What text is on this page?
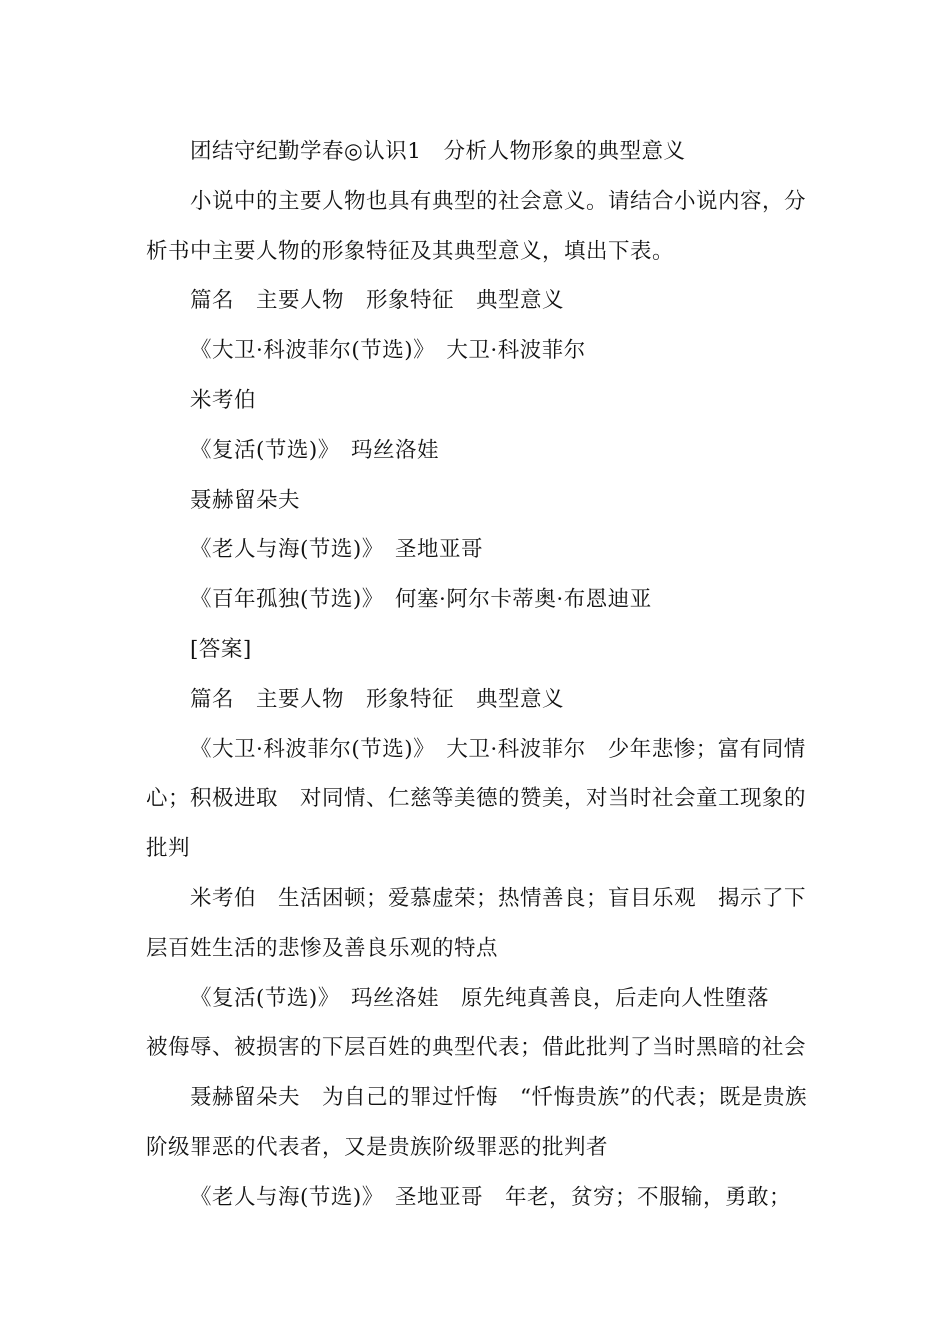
团结守纪勤学春◎认识1　分析人物形象的典型意义

小说中的主要人物也具有典型的社会意义。请结合小说内容，分析书中主要人物的形象特征及其典型意义，填出下表。

篇名　主要人物　形象特征　典型意义

《大卫·科波菲尔(节选)》　大卫·科波菲尔

米考伯

《复活(节选)》　玛丝洛娃

聂赫留朵夫

《老人与海(节选)》　圣地亚哥

《百年孤独(节选)》　何塞·阿尔卡蒂奥·布恩迪亚

[答案]

篇名　主要人物　形象特征　典型意义

《大卫·科波菲尔(节选)》　大卫·科波菲尔　少年悲惨；富有同情心；积极进取　对同情、仁慈等美德的赞美，对当时社会童工现象的批判

米考伯　生活困顿；爱慕虚荣；热情善良；盲目乐观　揭示了下层百姓生活的悲惨及善良乐观的特点

《复活(节选)》　玛丝洛娃　原先纯真善良，后走向人性堕落　被侮辱、被损害的下层百姓的典型代表；借此批判了当时黑暗的社会

聂赫留朵夫　为自己的罪过忏悔　“忏悔贵族”的代表；既是贵族阶级罪恶的代表者，又是贵族阶级罪恶的批判者

《老人与海(节选)》　圣地亚哥　年老，贫穷；不服输，勇敢；
